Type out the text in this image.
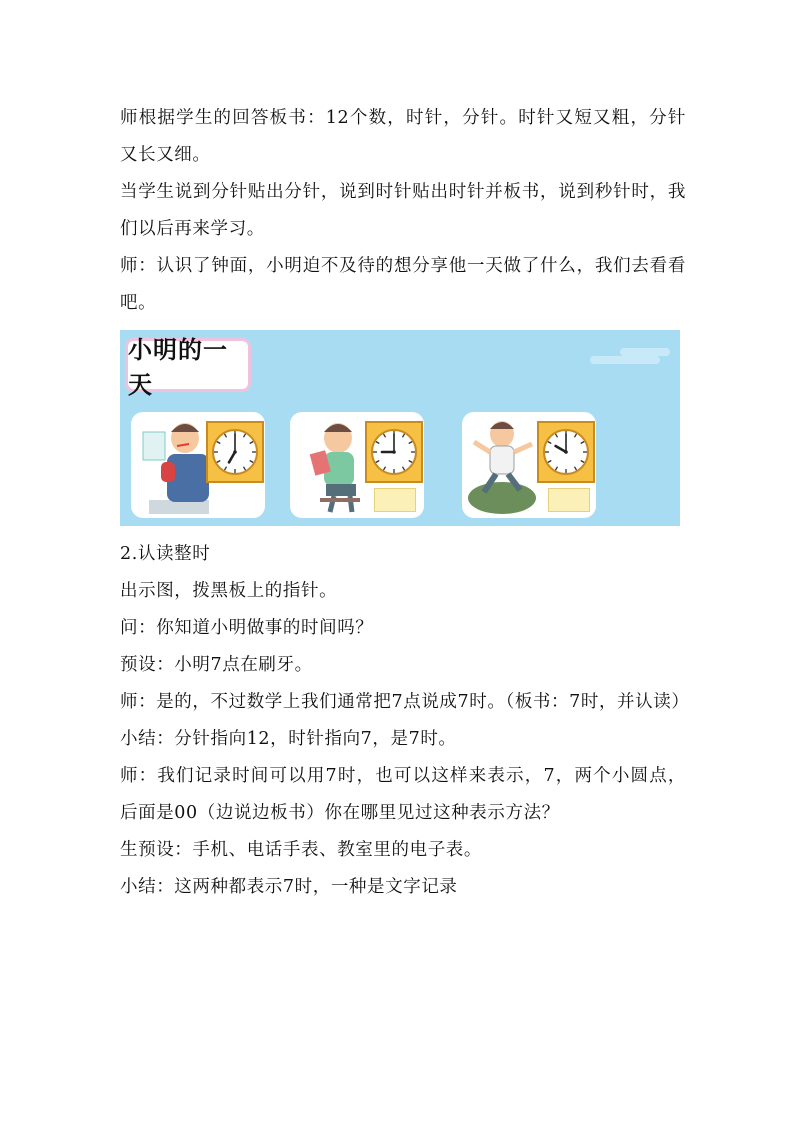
师根据学生的回答板书：12个数，时针，分针。时针又短又粗，分针又长又细。

当学生说到分针贴出分针，说到时针贴出时针并板书，说到秒针时，我们以后再来学习。

师：认识了钟面，小明迫不及待的想分享他一天做了什么，我们去看看吧。

小明的一天

2.认读整时

出示图，拨黑板上的指针。

问：你知道小明做事的时间吗？

预设：小明7点在刷牙。

师：是的，不过数学上我们通常把7点说成7时。（板书：7时，并认读）

小结：分针指向12，时针指向7，是7时。

师：我们记录时间可以用7时，也可以这样来表示，7，两个小圆点，后面是00（边说边板书）你在哪里见过这种表示方法？

生预设：手机、电话手表、教室里的电子表。

小结：这两种都表示7时，一种是文字记录
